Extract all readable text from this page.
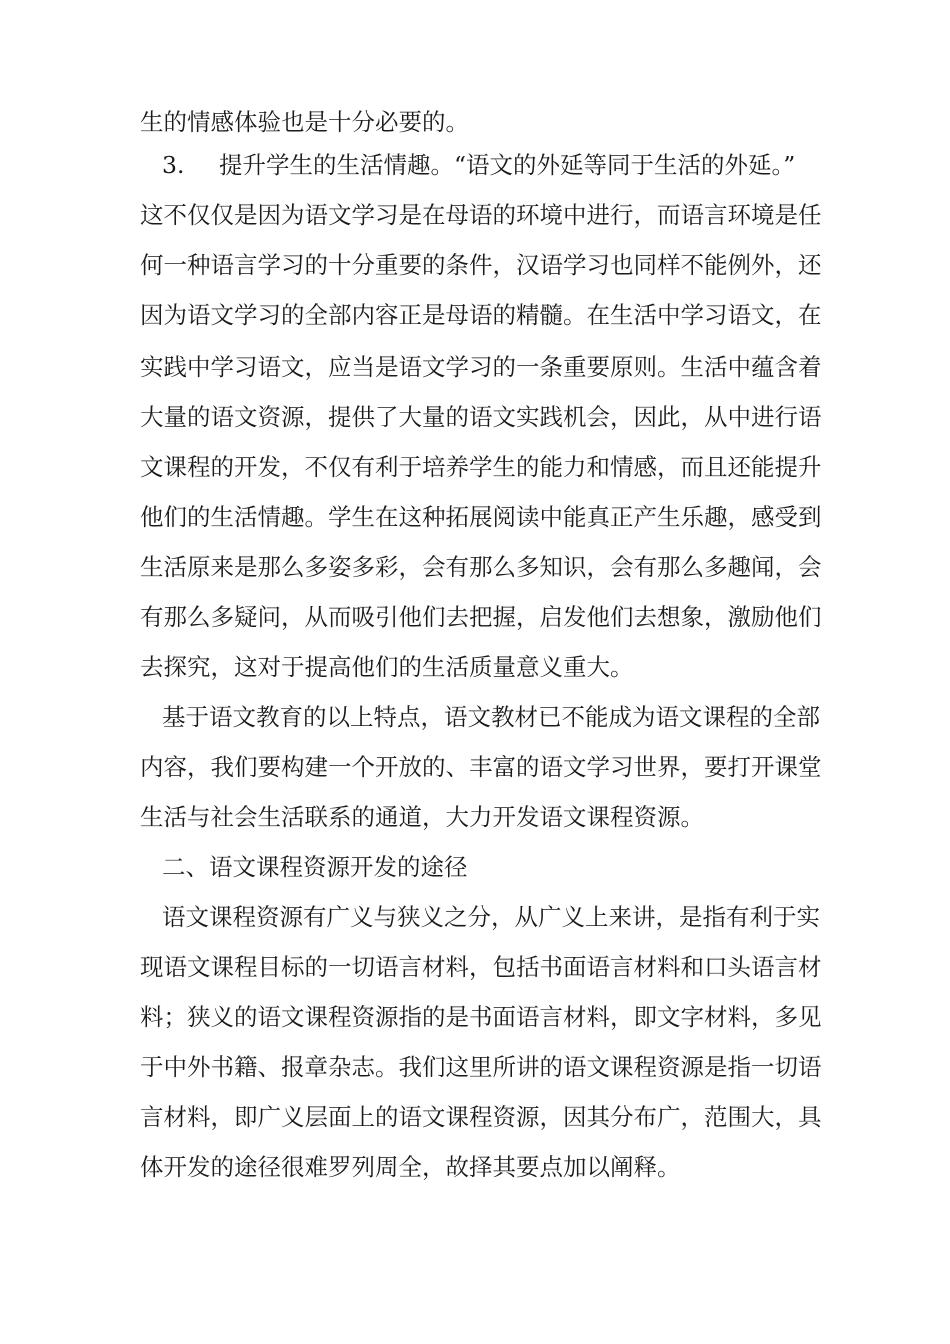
生的情感体验也是十分必要的。
3.	提升学生的生活情趣。“语文的外延等同于生活的外延。”
这不仅仅是因为语文学习是在母语的环境中进行，而语言环境是任
何一种语言学习的十分重要的条件，汉语学习也同样不能例外，还
因为语文学习的全部内容正是母语的精髓。在生活中学习语文，在
实践中学习语文，应当是语文学习的一条重要原则。生活中蕴含着
大量的语文资源，提供了大量的语文实践机会，因此，从中进行语
文课程的开发，不仅有利于培养学生的能力和情感，而且还能提升
他们的生活情趣。学生在这种拓展阅读中能真正产生乐趣，感受到
生活原来是那么多姿多彩，会有那么多知识，会有那么多趣闻，会
有那么多疑问，从而吸引他们去把握，启发他们去想象，激励他们
去探究，这对于提高他们的生活质量意义重大。
基于语文教育的以上特点，语文教材已不能成为语文课程的全部
内容，我们要构建一个开放的、丰富的语文学习世界，要打开课堂
生活与社会生活联系的通道，大力开发语文课程资源。
二、语文课程资源开发的途径
语文课程资源有广义与狭义之分，从广义上来讲，是指有利于实
现语文课程目标的一切语言材料，包括书面语言材料和口头语言材
料；狭义的语文课程资源指的是书面语言材料，即文字材料，多见
于中外书籍、报章杂志。我们这里所讲的语文课程资源是指一切语
言材料，即广义层面上的语文课程资源，因其分布广，范围大，具
体开发的途径很难罗列周全，故择其要点加以阐释。
